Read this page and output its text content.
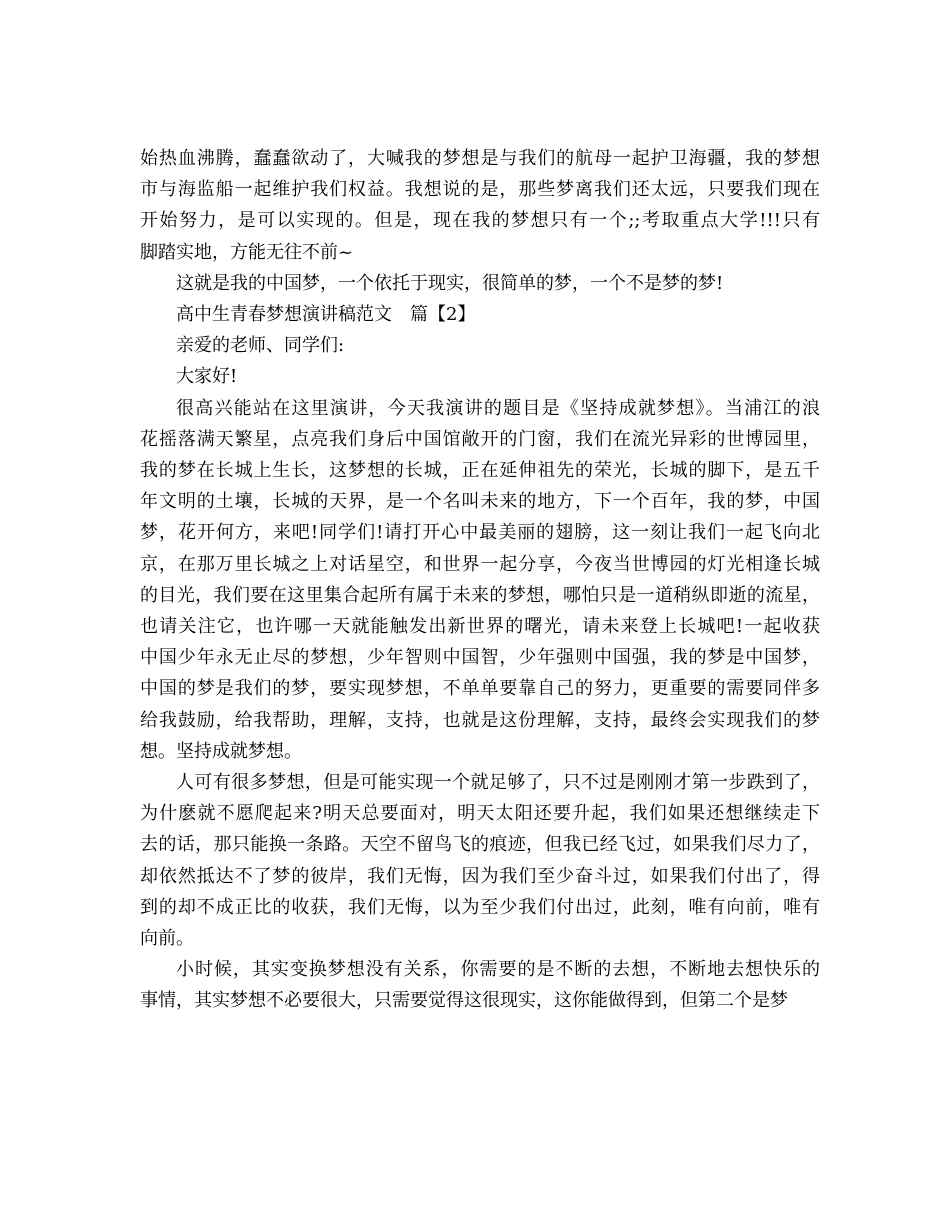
始热血沸腾，蠢蠢欲动了，大喊我的梦想是与我们的航母一起护卫海疆，我的梦想
市与海监船一起维护我们权益。我想说的是，那些梦离我们还太远，只要我们现在
开始努力，是可以实现的。但是，现在我的梦想只有一个;;考取重点大学!!!只有
脚踏实地，方能无往不前~
这就是我的中国梦，一个依托于现实，很简单的梦，一个不是梦的梦!
高中生青春梦想演讲稿范文　篇【2】
亲爱的老师、同学们:
大家好!
很高兴能站在这里演讲，今天我演讲的题目是《坚持成就梦想》。当浦江的浪
花摇落满天繁星，点亮我们身后中国馆敞开的门窗，我们在流光异彩的世博园里，
我的梦在长城上生长，这梦想的长城，正在延伸祖先的荣光，长城的脚下，是五千
年文明的土壤，长城的天界，是一个名叫未来的地方，下一个百年，我的梦，中国
梦，花开何方，来吧!同学们!请打开心中最美丽的翅膀，这一刻让我们一起飞向北
京，在那万里长城之上对话星空，和世界一起分享，今夜当世博园的灯光相逢长城
的目光，我们要在这里集合起所有属于未来的梦想，哪怕只是一道稍纵即逝的流星，
也请关注它，也许哪一天就能触发出新世界的曙光，请未来登上长城吧!一起收获
中国少年永无止尽的梦想，少年智则中国智，少年强则中国强，我的梦是中国梦，
中国的梦是我们的梦，要实现梦想，不单单要靠自己的努力，更重要的需要同伴多
给我鼓励，给我帮助，理解，支持，也就是这份理解，支持，最终会实现我们的梦
想。坚持成就梦想。
人可有很多梦想，但是可能实现一个就足够了，只不过是刚刚才第一步跌到了，
为什麽就不愿爬起来?明天总要面对，明天太阳还要升起，我们如果还想继续走下
去的话，那只能换一条路。天空不留鸟飞的痕迹，但我已经飞过，如果我们尽力了，
却依然抵达不了梦的彼岸，我们无悔，因为我们至少奋斗过，如果我们付出了，得
到的却不成正比的收获，我们无悔，以为至少我们付出过，此刻，唯有向前，唯有
向前。
小时候，其实变换梦想没有关系，你需要的是不断的去想，不断地去想快乐的
事情，其实梦想不必要很大，只需要觉得这很现实，这你能做得到，但第二个是梦
